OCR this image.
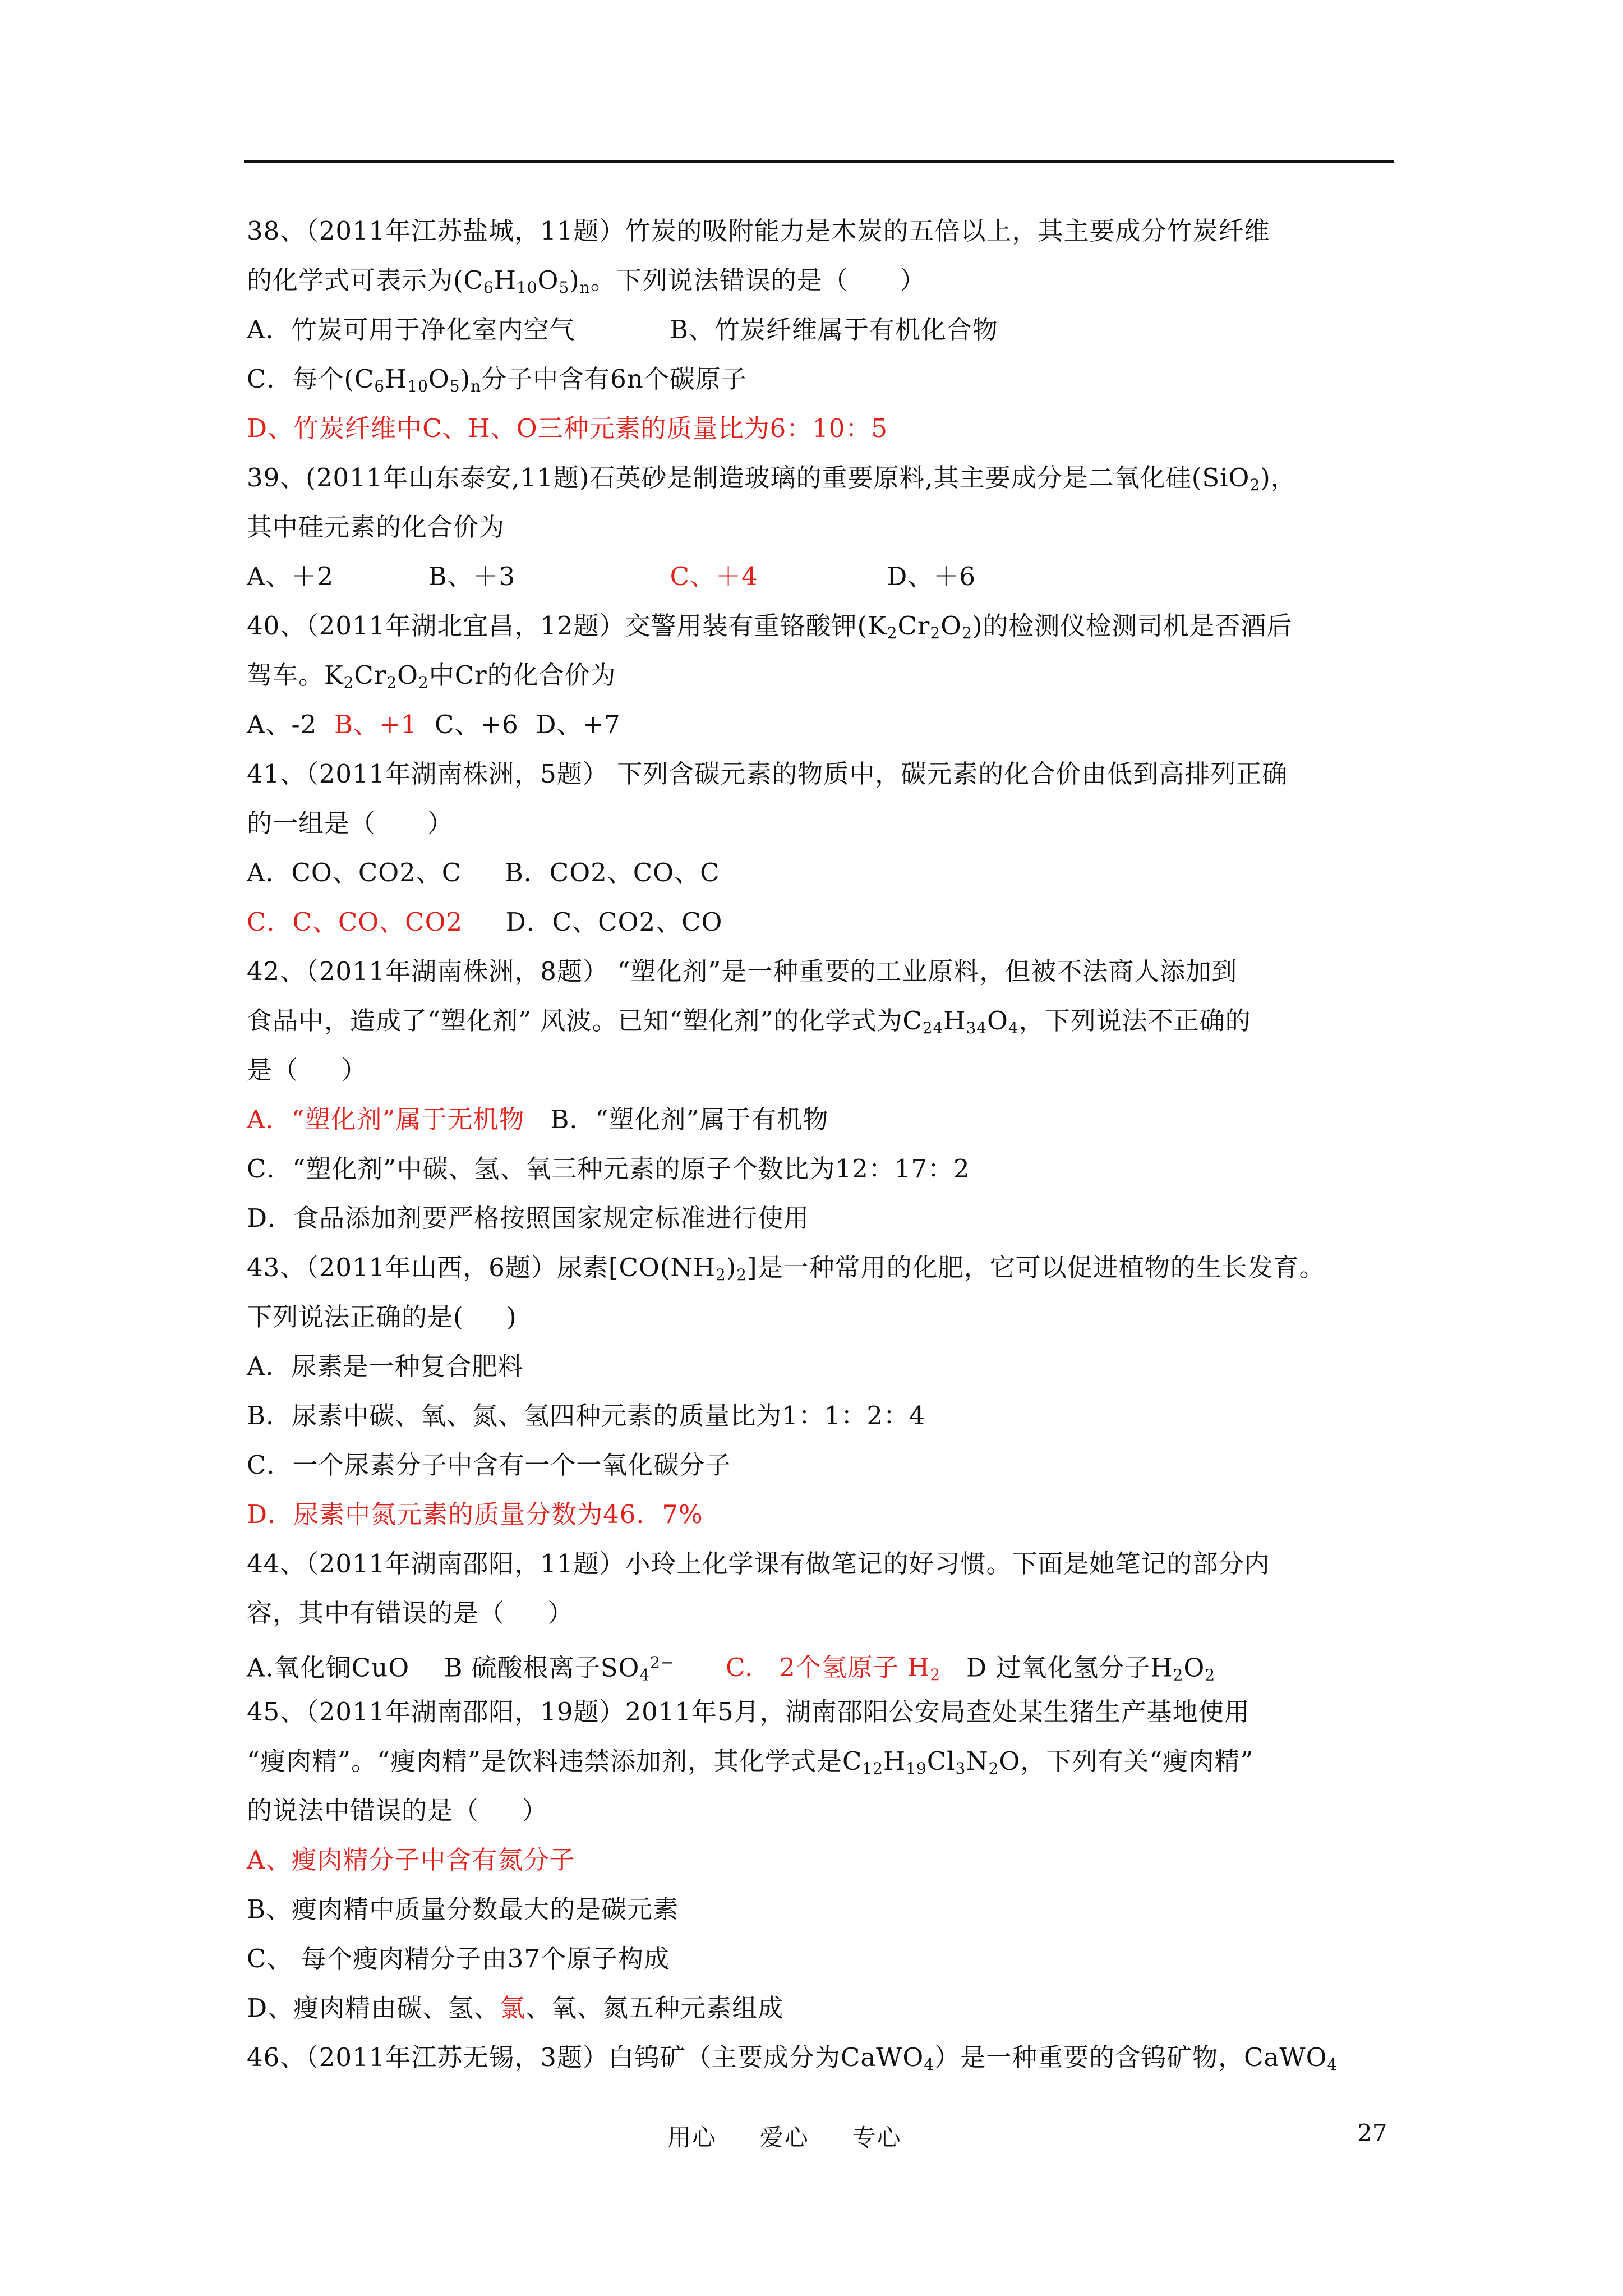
38、（2011年江苏盐城，11题）竹炭的吸附能力是木炭的五倍以上，其主要成分竹炭纤维
的化学式可表示为$(C_6H_{10}O_5)_n$。下列说法错误的是（      ）
A．竹炭可用于净化室内空气           B、竹炭纤维属于有机化合物
C．每个$(C_6H_{10}O_5)_n$分子中含有6n个碳原子
D、竹炭纤维中C、H、O三种元素的质量比为6：10：5
39、(2011年山东泰安,11题)石英砂是制造玻璃的重要原料,其主要成分是二氧化硅(SiO$_2$)，
其中硅元素的化合价为
A、＋2           B、＋3                  C、＋4               D、＋6
40、（2011年湖北宜昌，12题）交警用装有重铬酸钾$(K_2Cr_2O_2)$的检测仪检测司机是否酒后
驾车。$K_2Cr_2O_2$中Cr的化合价为
A、-2  B、+1  C、+6  D、+7
41、（2011年湖南株洲，5题） 下列含碳元素的物质中，碳元素的化合价由低到高排列正确
的一组是（      ）
A．CO、CO2、C     B．CO2、CO、C
C．C、CO、CO2     D．C、CO2、CO
42、（2011年湖南株洲，8题） “塑化剂”是一种重要的工业原料，但被不法商人添加到
食品中，造成了“塑化剂” 风波。已知“塑化剂”的化学式为$C_{24}H_{34}O_4$，下列说法不正确的
是（     ）
A．“塑化剂”属于无机物   B．“塑化剂”属于有机物
C．“塑化剂”中碳、氢、氧三种元素的原子个数比为12：17：2
D．食品添加剂要严格按照国家规定标准进行使用
43、（2011年山西，6题）尿素$[CO(NH_2)_2]$是一种常用的化肥，它可以促进植物的生长发育。
下列说法正确的是(     )
A．尿素是一种复合肥料
B．尿素中碳、氧、氮、氢四种元素的质量比为1：1：2：4
C．一个尿素分子中含有一个一氧化碳分子
D．尿素中氮元素的质量分数为46．7%
44、（2011年湖南邵阳，11题）小玲上化学课有做笔记的好习惯。下面是她笔记的部分内
容，其中有错误的是（     ）
A.氧化铜CuO    B 硫酸根离子$SO_4^{2-}$ C.   2个氢原子 $H_2$   D 过氧化氢分子$H_2O_2$
45、（2011年湖南邵阳，19题）2011年5月，湖南邵阳公安局查处某生猪生产基地使用
“瘦肉精”。“瘦肉精”是饮料违禁添加剂，其化学式是$C_{12}H_{19}Cl_3N_2O$，下列有关“瘦肉精”
的说法中错误的是（     ）
A、瘦肉精分子中含有氮分子
B、瘦肉精中质量分数最大的是碳元素
C、 每个瘦肉精分子由37个原子构成
D、瘦肉精由碳、氢、氯、氧、氮五种元素组成
46、（2011年江苏无锡，3题）白钨矿（主要成分为CaWO$_4$）是一种重要的含钨矿物，CaWO$_4$
用心     爱心     专心	27
